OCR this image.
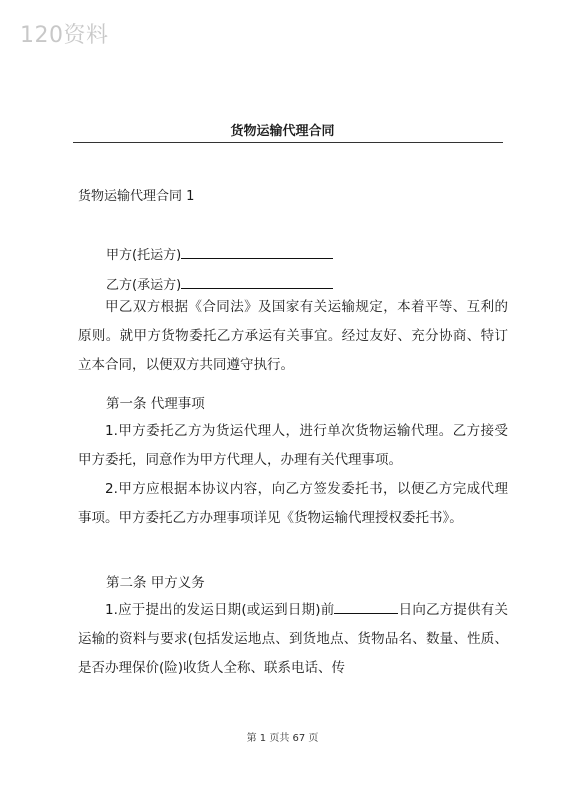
120资料
货物运输代理合同
货物运输代理合同 1
甲方(托运方)
乙方(承运方)

甲乙双方根据《合同法》及国家有关运输规定，本着平等、互利的原则。就甲方货物委托乙方承运有关事宜。经过友好、充分协商、特订立本合同，以便双方共同遵守执行。

第一条 代理事项

1.甲方委托乙方为货运代理人，进行单次货物运输代理。乙方接受甲方委托，同意作为甲方代理人，办理有关代理事项。

2.甲方应根据本协议内容，向乙方签发委托书，以便乙方完成代理事项。甲方委托乙方办理事项详见《货物运输代理授权委托书》。

第二条 甲方义务

1.应于提出的发运日期(或运到日期)前	日向乙方提供有关运输的资料与要求(包括发运地点、到货地点、货物品名、数量、性质、是否办理保价(险)收货人全称、联系电话、传

第 1 页共 67 页
